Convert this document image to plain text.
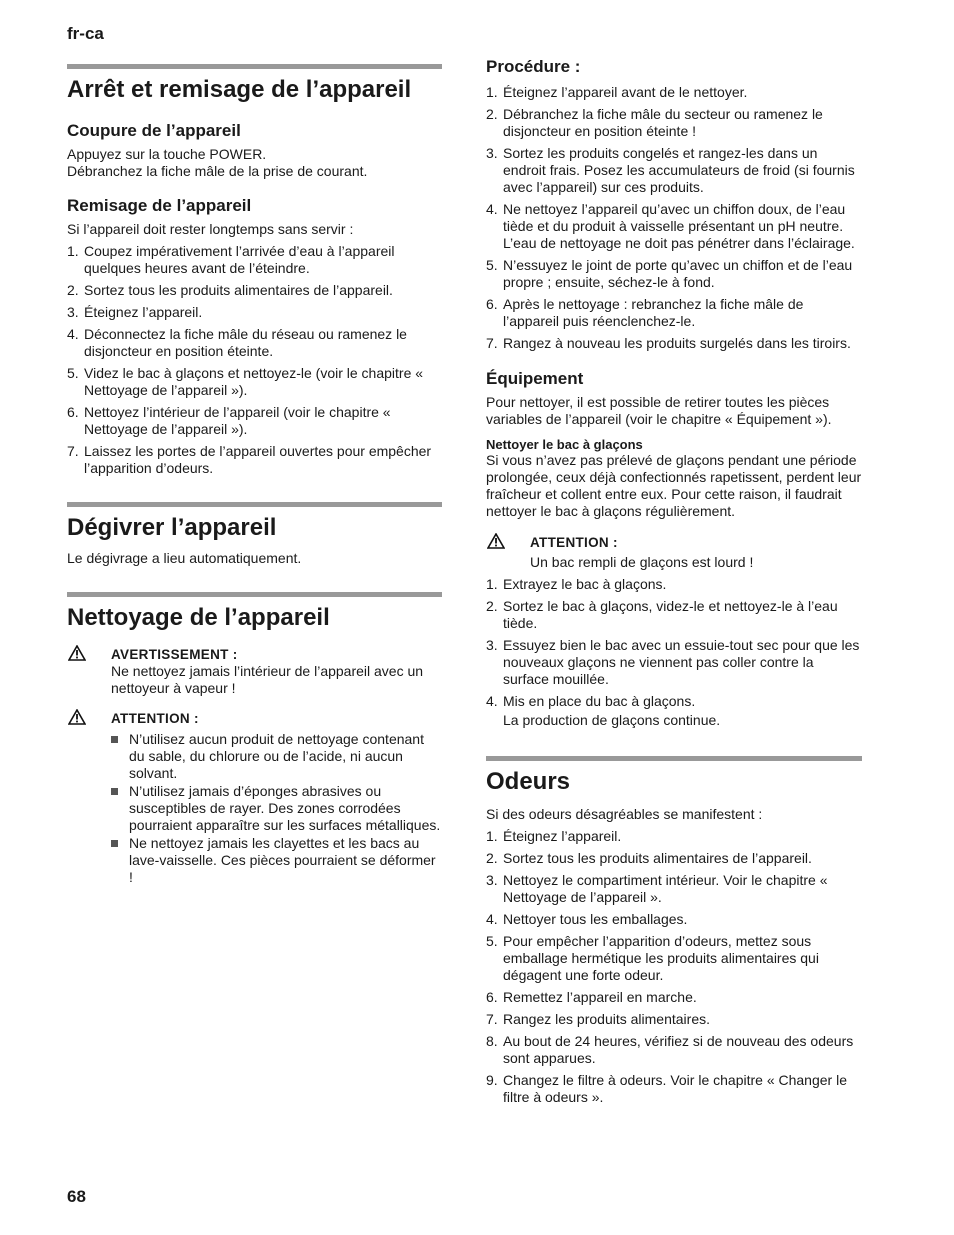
fr-ca
Arrêt et remisage de l’appareil
Coupure de l’appareil

Appuyez sur la touche POWER.

Débranchez la fiche mâle de la prise de courant.

Remisage de l’appareil

Si l’appareil doit rester longtemps sans servir :

1. Coupez impérativement l’arrivée d’eau à l’appareil quelques heures avant de l’éteindre.
2. Sortez tous les produits alimentaires de l’appareil.
3. Éteignez l’appareil.
4. Déconnectez la fiche mâle du réseau ou ramenez le disjoncteur en position éteinte.
5. Videz le bac à glaçons et nettoyez-le (voir le chapitre « Nettoyage de l’appareil »).
6. Nettoyez l’intérieur de l’appareil (voir le chapitre « Nettoyage de l’appareil »).
7. Laissez les portes de l’appareil ouvertes pour empêcher l’apparition d’odeurs.
Dégivrer l’appareil

Le dégivrage a lieu automatiquement.

Nettoyage de l’appareil
AVERTISSEMENT :

Ne nettoyez jamais l’intérieur de l’appareil avec un nettoyeur à vapeur !

ATTENTION :
N’utilisez aucun produit de nettoyage contenant du sable, du chlorure ou de l’acide, ni aucun solvant.
N’utilisez jamais d’éponges abrasives ou susceptibles de rayer. Des zones corrodées pourraient apparaître sur les surfaces métalliques.
Ne nettoyez jamais les clayettes et les bacs au lave-vaisselle. Ces pièces pourraient se déformer !
Procédure :
1. Éteignez l’appareil avant de le nettoyer.
2. Débranchez la fiche mâle du secteur ou ramenez le disjoncteur en position éteinte !
3. Sortez les produits congelés et rangez-les dans un endroit frais. Posez les accumulateurs de froid (si fournis avec l’appareil) sur ces produits.
4. Ne nettoyez l’appareil qu’avec un chiffon doux, de l’eau tiède et du produit à vaisselle présentant un pH neutre. L’eau de nettoyage ne doit pas pénétrer dans l’éclairage.
5. N’essuyez le joint de porte qu’avec un chiffon et de l’eau propre ; ensuite, séchez-le à fond.
6. Après le nettoyage : rebranchez la fiche mâle de l’appareil puis réenclenchez-le.
7. Rangez à nouveau les produits surgelés dans les tiroirs.
Équipement

Pour nettoyer, il est possible de retirer toutes les pièces variables de l’appareil (voir le chapitre « Équipement »).

Nettoyer le bac à glaçons

Si vous n’avez pas prélevé de glaçons pendant une période prolongée, ceux déjà confectionnés rapetissent, perdent leur fraîcheur et collent entre eux. Pour cette raison, il faudrait nettoyer le bac à glaçons régulièrement.

ATTENTION :

Un bac rempli de glaçons est lourd !

1. Extrayez le bac à glaçons.
2. Sortez le bac à glaçons, videz-le et nettoyez-le à l’eau tiède.
3. Essuyez bien le bac avec un essuie-tout sec pour que les nouveaux glaçons ne viennent pas coller contre la surface mouillée.
4. Mis en place du bac à glaçons.

La production de glaçons continue.

Odeurs

Si des odeurs désagréables se manifestent :

1. Éteignez l’appareil.
2. Sortez tous les produits alimentaires de l’appareil.
3. Nettoyez le compartiment intérieur. Voir le chapitre « Nettoyage de l’appareil ».
4. Nettoyer tous les emballages.
5. Pour empêcher l’apparition d’odeurs, mettez sous emballage hermétique les produits alimentaires qui dégagent une forte odeur.
6. Remettez l’appareil en marche.
7. Rangez les produits alimentaires.
8. Au bout de 24 heures, vérifiez si de nouveau des odeurs sont apparues.
9. Changez le filtre à odeurs. Voir le chapitre « Changer le filtre à odeurs ».
68
